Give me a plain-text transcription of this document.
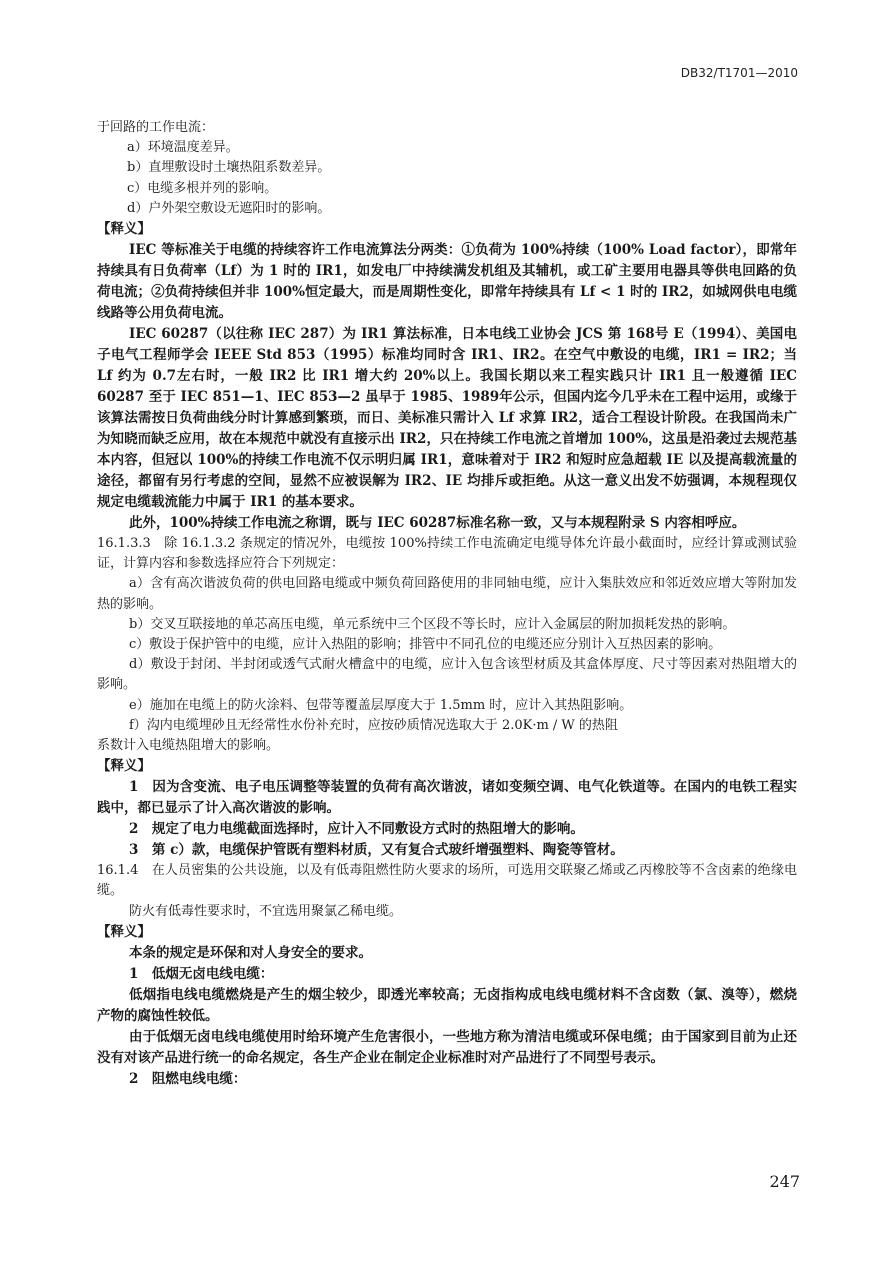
DB32/T1701—2010
于回路的工作电流：
a）环境温度差异。
b）直埋敷设时土壤热阻系数差异。
c）电缆多根并列的影响。
d）户外架空敷设无遮阳时的影响。
【释义】
IEC 等标准关于电缆的持续容许工作电流算法分两类：①负荷为 100%持续（100% Load factor），即常年持续具有日负荷率（Lf）为 1 时的 IR1，如发电厂中持续满发机组及其辅机，或工矿主要用电器具等供电回路的负荷电流；②负荷持续但并非 100%恒定最大，而是周期性变化，即常年持续具有 Lf < 1 时的 IR2，如城网供电电缆线路等公用负荷电流。
IEC 60287（以往称 IEC 287）为 IR1 算法标准，日本电线工业协会 JCS 第 168号 E（1994）、美国电子电气工程师学会 IEEE Std 853（1995）标准均同时含 IR1、IR2。在空气中敷设的电缆，IR1 = IR2；当 Lf 约为 0.7左右时，一般 IR2 比 IR1 增大约 20%以上。我国长期以来工程实践只计 IR1 且一般遵循 IEC 60287 至于 IEC 851—1、IEC 853—2 虽早于 1985、1989年公示，但国内迄今几乎未在工程中运用，或缘于该算法需按日负荷曲线分时计算感到繁琐，而日、美标准只需计入 Lf 求算 IR2，适合工程设计阶段。在我国尚未广为知晓而缺乏应用，故在本规范中就没有直接示出 IR2，只在持续工作电流之首增加 100%，这虽是沿袭过去规范基本内容，但冠以 100%的持续工作电流不仅示明归属 IR1，意味着对于 IR2 和短时应急超载 IE 以及提高载流量的途径，都留有另行考虑的空间，显然不应被误解为 IR2、IE 均排斥或拒绝。从这一意义出发不妨强调，本规程现仅规定电缆载流能力中属于 IR1 的基本要求。
此外，100%持续工作电流之称谓，既与 IEC 60287标准名称一致，又与本规程附录 S 内容相呼应。
16.1.3.3　除 16.1.3.2 条规定的情况外，电缆按 100%持续工作电流确定电缆导体允许最小截面时，应经计算或测试验证，计算内容和参数选择应符合下列规定：
a）含有高次谐波负荷的供电回路电缆或中频负荷回路使用的非同轴电缆，应计入集肤效应和邻近效应增大等附加发热的影响。
b）交叉互联接地的单芯高压电缆，单元系统中三个区段不等长时，应计入金属层的附加损耗发热的影响。
c）敷设于保护管中的电缆，应计入热阻的影响；排管中不同孔位的电缆还应分别计入互热因素的影响。
d）敷设于封闭、半封闭或透气式耐火槽盒中的电缆，应计入包含该型材质及其盒体厚度、尺寸等因素对热阻增大的影响。
e）施加在电缆上的防火涂料、包带等覆盖层厚度大于 1.5mm 时，应计入其热阻影响。
f）沟内电缆埋砂且无经常性水份补充时，应按砂质情况选取大于 2.0K·m / W 的热阻
系数计入电缆热阻增大的影响。
【释义】
1　因为含变流、电子电压调整等装置的负荷有高次谐波，诸如变频空调、电气化铁道等。在国内的电铁工程实践中，都已显示了计入高次谐波的影响。
2　规定了电力电缆截面选择时，应计入不同敷设方式时的热阻增大的影响。
3　第 c）款，电缆保护管既有塑料材质，又有复合式玻纤增强塑料、陶瓷等管材。
16.1.4　在人员密集的公共设施，以及有低毒阻燃性防火要求的场所，可选用交联聚乙烯或乙丙橡胶等不含卤素的绝缘电缆。
防火有低毒性要求时，不宜选用聚氯乙稀电缆。
【释义】
本条的规定是环保和对人身安全的要求。
1　低烟无卤电线电缆：
低烟指电线电缆燃烧是产生的烟尘较少，即透光率较高；无卤指构成电线电缆材料不含卤数（氯、溴等），燃烧产物的腐蚀性较低。
由于低烟无卤电线电缆使用时给环境产生危害很小，一些地方称为清洁电缆或环保电缆；由于国家到目前为止还没有对该产品进行统一的命名规定，各生产企业在制定企业标准时对产品进行了不同型号表示。
2　阻燃电线电缆：
247
